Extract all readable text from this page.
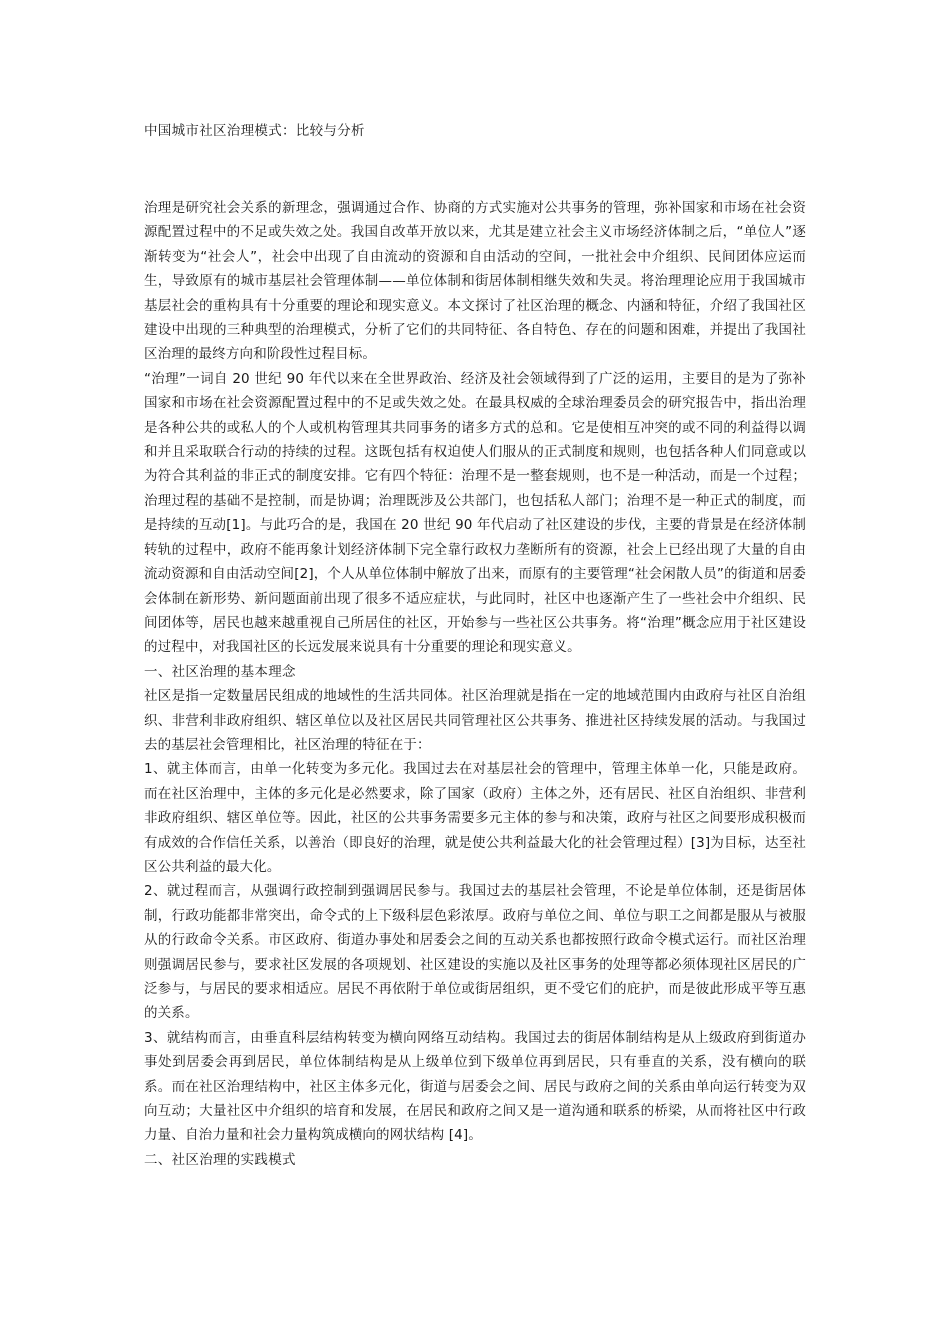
中国城市社区治理模式：比较与分析

治理是研究社会关系的新理念，强调通过合作、协商的方式实施对公共事务的管理，弥补国家和市场在社会资源配置过程中的不足或失效之处。我国自改革开放以来，尤其是建立社会主义市场经济体制之后，“单位人”逐渐转变为“社会人”，社会中出现了自由流动的资源和自由活动的空间，一批社会中介组织、民间团体应运而生，导致原有的城市基层社会管理体制——单位体制和街居体制相继失效和失灵。将治理理论应用于我国城市基层社会的重构具有十分重要的理论和现实意义。本文探讨了社区治理的概念、内涵和特征，介绍了我国社区建设中出现的三种典型的治理模式，分析了它们的共同特征、各自特色、存在的问题和困难，并提出了我国社区治理的最终方向和阶段性过程目标。

“治理”一词自 20 世纪 90 年代以来在全世界政治、经济及社会领域得到了广泛的运用，主要目的是为了弥补国家和市场在社会资源配置过程中的不足或失效之处。在最具权威的全球治理委员会的研究报告中，指出治理是各种公共的或私人的个人或机构管理其共同事务的诸多方式的总和。它是使相互冲突的或不同的利益得以调和并且采取联合行动的持续的过程。这既包括有权迫使人们服从的正式制度和规则，也包括各种人们同意或以为符合其利益的非正式的制度安排。它有四个特征：治理不是一整套规则，也不是一种活动，而是一个过程；治理过程的基础不是控制，而是协调；治理既涉及公共部门，也包括私人部门；治理不是一种正式的制度，而是持续的互动[1]。与此巧合的是，我国在 20 世纪 90 年代启动了社区建设的步伐，主要的背景是在经济体制转轨的过程中，政府不能再象计划经济体制下完全靠行政权力垄断所有的资源，社会上已经出现了大量的自由流动资源和自由活动空间[2]，个人从单位体制中解放了出来，而原有的主要管理“社会闲散人员”的街道和居委会体制在新形势、新问题面前出现了很多不适应症状，与此同时，社区中也逐渐产生了一些社会中介组织、民间团体等，居民也越来越重视自己所居住的社区，开始参与一些社区公共事务。将“治理”概念应用于社区建设的过程中，对我国社区的长远发展来说具有十分重要的理论和现实意义。

一、社区治理的基本理念

社区是指一定数量居民组成的地域性的生活共同体。社区治理就是指在一定的地域范围内由政府与社区自治组织、非营利非政府组织、辖区单位以及社区居民共同管理社区公共事务、推进社区持续发展的活动。与我国过去的基层社会管理相比，社区治理的特征在于：

1、就主体而言，由单一化转变为多元化。我国过去在对基层社会的管理中，管理主体单一化，只能是政府。而在社区治理中，主体的多元化是必然要求，除了国家（政府）主体之外，还有居民、社区自治组织、非营利非政府组织、辖区单位等。因此，社区的公共事务需要多元主体的参与和决策，政府与社区之间要形成积极而有成效的合作信任关系，以善治（即良好的治理，就是使公共利益最大化的社会管理过程）[3]为目标，达至社区公共利益的最大化。

2、就过程而言，从强调行政控制到强调居民参与。我国过去的基层社会管理，不论是单位体制，还是街居体制，行政功能都非常突出，命令式的上下级科层色彩浓厚。政府与单位之间、单位与职工之间都是服从与被服从的行政命令关系。市区政府、街道办事处和居委会之间的互动关系也都按照行政命令模式运行。而社区治理则强调居民参与，要求社区发展的各项规划、社区建设的实施以及社区事务的处理等都必须体现社区居民的广泛参与，与居民的要求相适应。居民不再依附于单位或街居组织，更不受它们的庇护，而是彼此形成平等互惠的关系。

3、就结构而言，由垂直科层结构转变为横向网络互动结构。我国过去的街居体制结构是从上级政府到街道办事处到居委会再到居民，单位体制结构是从上级单位到下级单位再到居民，只有垂直的关系，没有横向的联系。而在社区治理结构中，社区主体多元化，街道与居委会之间、居民与政府之间的关系由单向运行转变为双向互动；大量社区中介组织的培育和发展，在居民和政府之间又是一道沟通和联系的桥梁，从而将社区中行政力量、自治力量和社会力量构筑成横向的网状结构 [4]。

二、社区治理的实践模式
